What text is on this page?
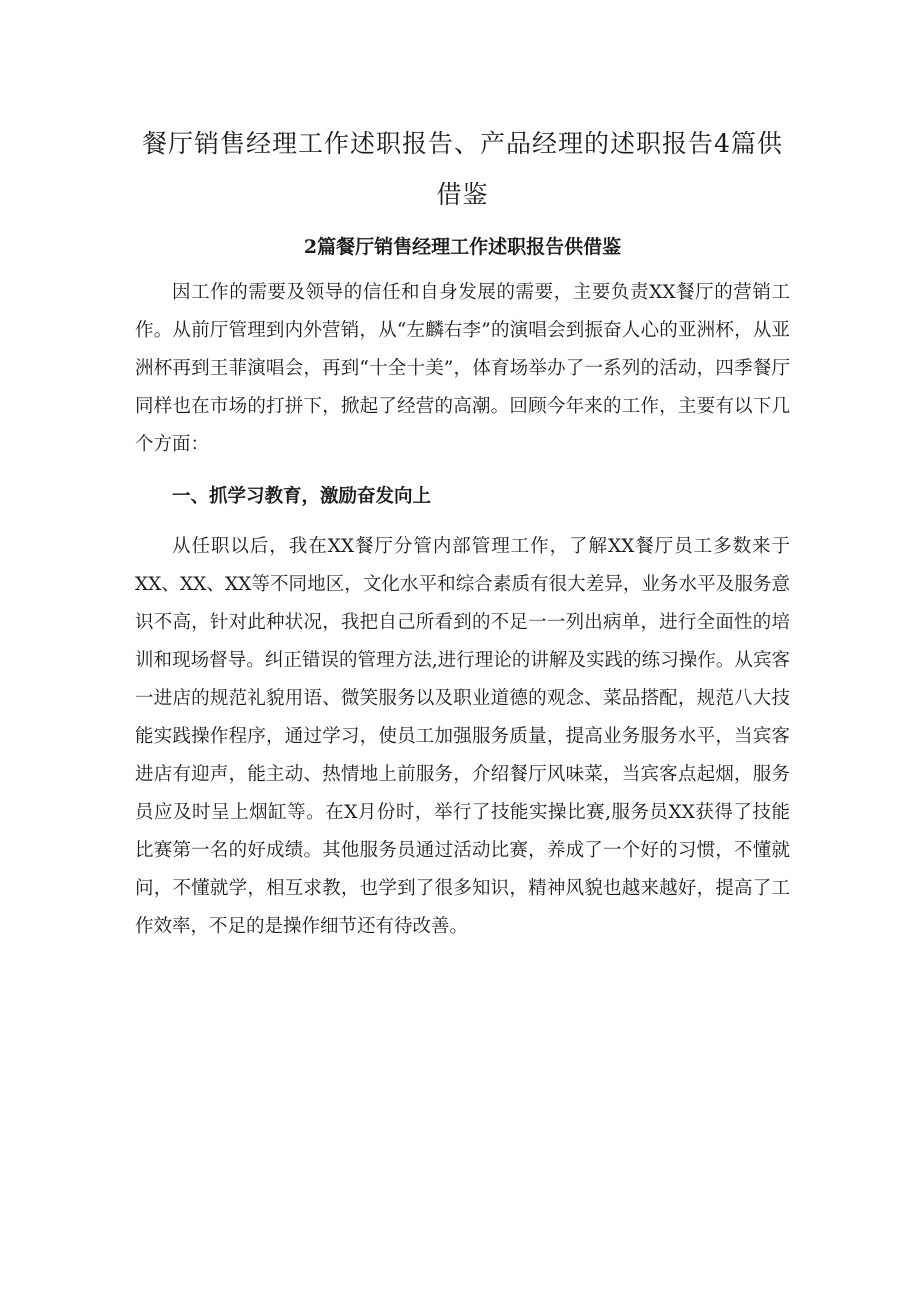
餐厅销售经理工作述职报告、产品经理的述职报告4篇供借鉴
2篇餐厅销售经理工作述职报告供借鉴

因工作的需要及领导的信任和自身发展的需要，主要负责XX餐厅的营销工作。从前厅管理到内外营销，从“左麟右李”的演唱会到振奋人心的亚洲杯，从亚洲杯再到王菲演唱会，再到“十全十美”，体育场举办了一系列的活动，四季餐厅同样也在市场的打拼下，掀起了经营的高潮。回顾今年来的工作，主要有以下几个方面：

一、抓学习教育，激励奋发向上

从任职以后，我在XX餐厅分管内部管理工作，了解XX餐厅员工多数来于XX、XX、XX等不同地区，文化水平和综合素质有很大差异，业务水平及服务意识不高，针对此种状况，我把自己所看到的不足一一列出病单，进行全面性的培训和现场督导。纠正错误的管理方法,进行理论的讲解及实践的练习操作。从宾客一进店的规范礼貌用语、微笑服务以及职业道德的观念、菜品搭配，规范八大技能实践操作程序，通过学习，使员工加强服务质量，提高业务服务水平，当宾客进店有迎声，能主动、热情地上前服务，介绍餐厅风味菜，当宾客点起烟，服务员应及时呈上烟缸等。在X月份时，举行了技能实操比赛,服务员XX获得了技能比赛第一名的好成绩。其他服务员通过活动比赛，养成了一个好的习惯，不懂就问，不懂就学，相互求教，也学到了很多知识，精神风貌也越来越好，提高了工作效率，不足的是操作细节还有待改善。
